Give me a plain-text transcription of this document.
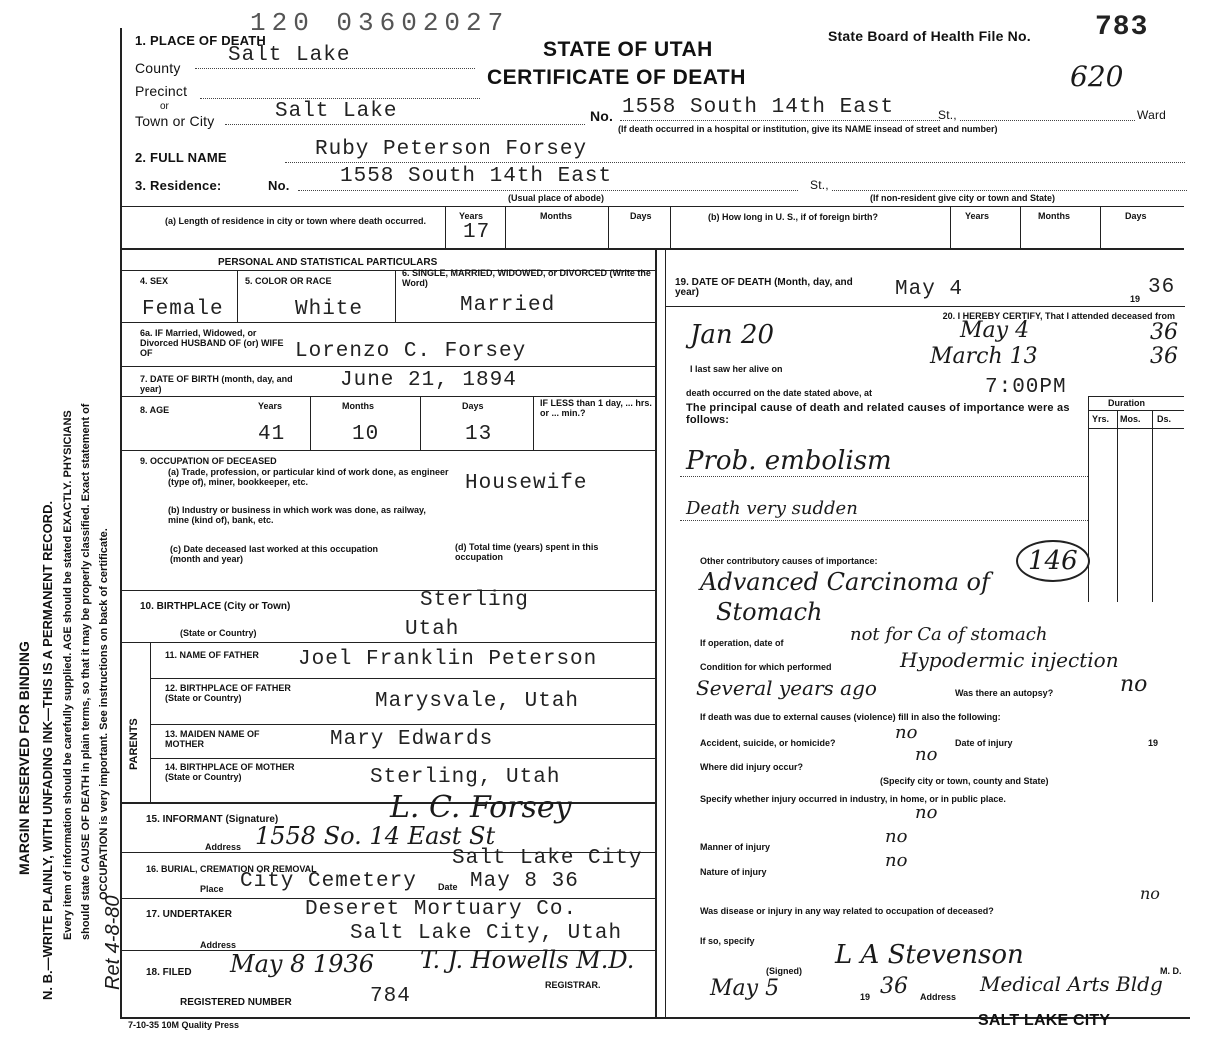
MARGIN RESERVED FOR BINDING N. B.—WRITE PLAINLY, WITH UNFADING INK—THIS IS A PERMANENT RECORD. Every item of information should be carefully supplied. AGE should be stated EXACTLY. PHYSICIANS should state CAUSE OF DEATH in plain terms, so that it may be properly classified. Exact statement of OCCUPATION is very important. See instructions on back of certificate.
Ret 4-8-80
120 03602027
STATE OF UTAH
CERTIFICATE OF DEATH
State Board of Health File No. 783
620
1. PLACE OF DEATH
County
Salt Lake
Precinct
or
Town or City	Salt Lake	No. 1558 South 14th East	St.,	Ward
(If death occurred in a hospital or institution, give its NAME insead of street and number)
2. FULL NAME	Ruby Peterson Forsey
3. Residence:	No. 1558 South 14th East	St.,
(Usual place of abode)	(If non-resident give city or town and State)
(a) Length of residence in city or town where death occurred.	Years	Months	Days
17
(b) How long in U. S., if of foreign birth?	Years	Months	Days
PERSONAL AND STATISTICAL PARTICULARS
4. SEX
Female
5. COLOR OR RACE
White
6. SINGLE, MARRIED, WIDOWED, or DIVORCED (Write the Word)
Married
6a. IF Married, Widowed, or Divorced HUSBAND OF (or) WIFE OF	Lorenzo C. Forsey
7. DATE OF BIRTH (month, day, and year)	June 21, 1894
8. AGE	Years	Months	Days
41	10	13
IF LESS than 1 day, ... hrs. or ... min.?
9. OCCUPATION OF DECEASED
(a) Trade, profession, or particular kind of work done, as engineer (type of), miner, bookkeeper, etc.	Housewife
(b) Industry or business in which work was done, as railway, mine (kind of), bank, etc.
(c) Date deceased last worked at this occupation (month and year)
(d) Total time (years) spent in this occupation
10. BIRTHPLACE (City or Town)	Sterling
(State or Country)	Utah
PARENTS
11. NAME OF FATHER	Joel Franklin Peterson
12. BIRTHPLACE OF FATHER (State or Country)	Marysvale, Utah
13. MAIDEN NAME OF MOTHER	Mary Edwards
14. BIRTHPLACE OF MOTHER (State or Country)	Sterling, Utah
15. INFORMANT (Signature)	L. C. Forsey
Address 1558 So. 14 East St
16. BURIAL, CREMATION OR REMOVAL	Salt Lake City
Place City Cemetery Date May 8 36
17. UNDERTAKER	Deseret Mortuary Co.
Address	Salt Lake City, Utah
18. FILED May 8 1936 T. J. Howells M.D.
REGISTRAR.
REGISTERED NUMBER	784
7-10-35 10M Quality Press
19. DATE OF DEATH (Month, day, and year)	May 4	19 36
20. I HEREBY CERTIFY, That I attended deceased from
Jan 20	May 4	36
I last saw her alive on	March 13	36
death occurred on the date stated above, at	7:00PM
The principal cause of death and related causes of importance were as follows:
Duration
Yrs. Mos. Ds.
Prob. embolism
Death very sudden
Other contributory causes of importance:
Advanced Carcinoma of
Stomach
146
If operation, date of	not for Ca of stomach
Condition for which performed	Hypodermic injection
Several years ago	Was there an autopsy?	no
If death was due to external causes (violence) fill in also the following:
Accident, suicide, or homicide?	no	Date of injury	19
Where did injury occur?
no
(Specify city or town, county and State)
Specify whether injury occurred in industry, in home, or in public place.
no
Manner of injury	no
Nature of injury
no
Was disease or injury in any way related to occupation of deceased?
no
If so, specify
(Signed)
L A Stevenson
M. D.
May 5	19 36 Address
Medical Arts Bldg
SALT LAKE CITY
